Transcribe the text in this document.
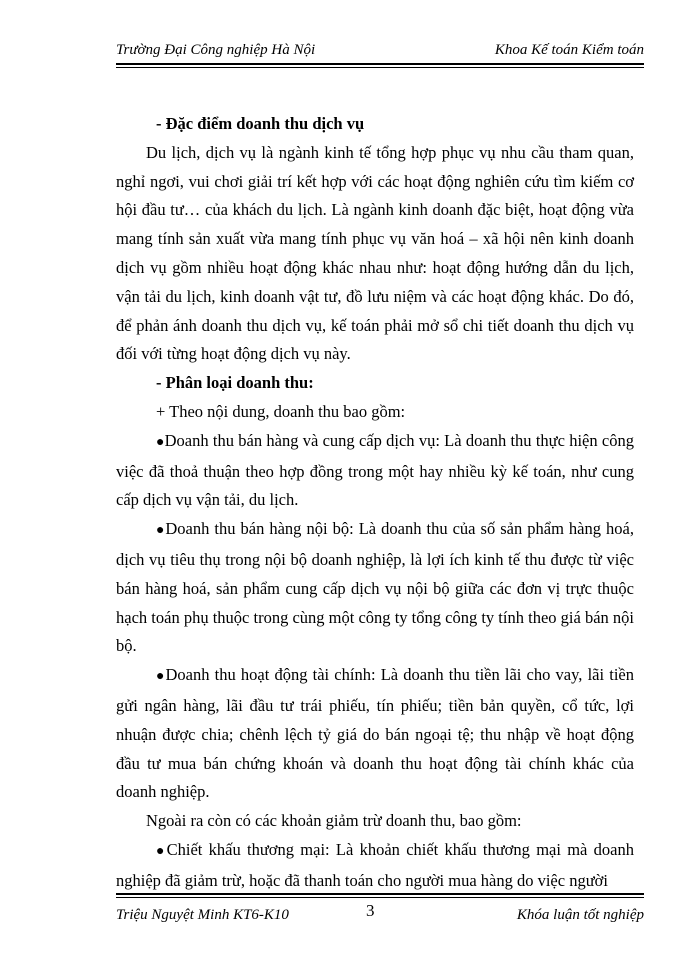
Trường Đại Công nghiệp Hà Nội	Khoa Kế toán Kiểm toán

- Đặc điểm doanh thu dịch vụ

Du lịch, dịch vụ là ngành kinh tế tổng hợp phục vụ nhu cầu tham quan, nghỉ ngơi, vui chơi giải trí kết hợp với các hoạt động nghiên cứu tìm kiếm cơ hội đầu tư… của khách du lịch. Là ngành kinh doanh đặc biệt, hoạt động vừa mang tính sản xuất vừa mang tính phục vụ văn hoá – xã hội nên kinh doanh dịch vụ gồm nhiều hoạt động khác nhau như: hoạt động hướng dẫn du lịch, vận tải du lịch, kinh doanh vật tư, đồ lưu niệm và các hoạt động khác. Do đó, để phản ánh doanh thu dịch vụ, kế toán phải mở sổ chi tiết doanh thu dịch vụ đối với từng hoạt động dịch vụ này.

- Phân loại doanh thu:

+ Theo nội dung, doanh thu bao gồm:

●Doanh thu bán hàng và cung cấp dịch vụ: Là doanh thu thực hiện công việc đã thoả thuận theo hợp đồng trong một hay nhiều kỳ kế toán, như cung cấp dịch vụ vận tải, du lịch.

●Doanh thu bán hàng nội bộ: Là doanh thu của số sản phẩm hàng hoá, dịch vụ tiêu thụ trong nội bộ doanh nghiệp, là lợi ích kinh tế thu được từ việc bán hàng hoá, sản phẩm cung cấp dịch vụ nội bộ giữa các đơn vị trực thuộc hạch toán phụ thuộc trong cùng một công ty tổng công ty tính theo giá bán nội bộ.

●Doanh thu hoạt động tài chính: Là doanh thu tiền lãi cho vay, lãi tiền gửi ngân hàng, lãi đầu tư trái phiếu, tín phiếu; tiền bản quyền, cổ tức, lợi nhuận được chia; chênh lệch tỷ giá do bán ngoại tệ; thu nhập về hoạt động đầu tư mua bán chứng khoán và doanh thu hoạt động tài chính khác của doanh nghiệp.

Ngoài ra còn có các khoản giảm trừ doanh thu, bao gồm:

●Chiết khấu thương mại: Là khoản chiết khấu thương mại mà doanh nghiệp đã giảm trừ, hoặc đã thanh toán cho người mua hàng do việc người

Triệu Nguyệt Minh KT6-K10	3	Khóa luận tốt nghiệp
